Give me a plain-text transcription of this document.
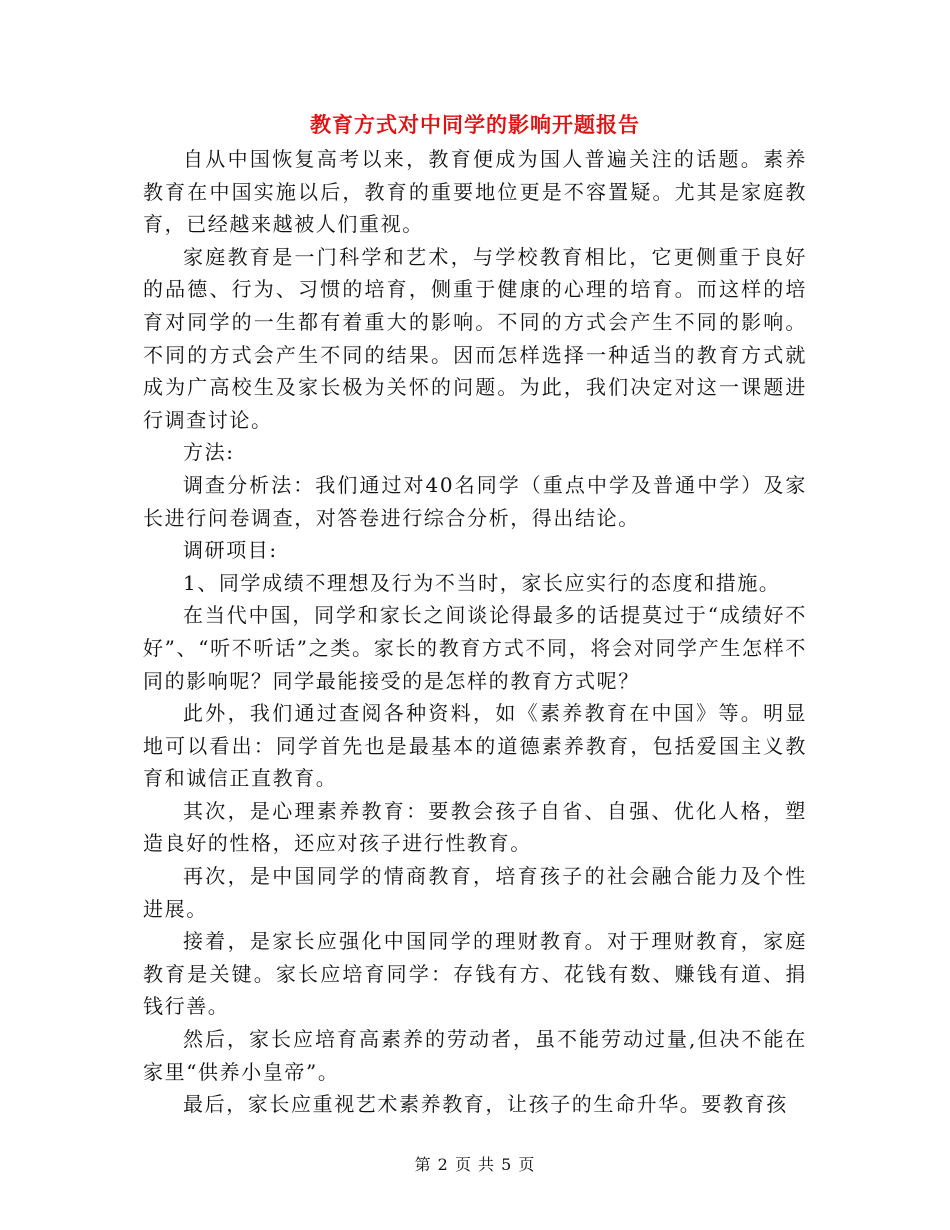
教育方式对中同学的影响开题报告

自从中国恢复高考以来，教育便成为国人普遍关注的话题。素养教育在中国实施以后，教育的重要地位更是不容置疑。尤其是家庭教育，已经越来越被人们重视。

家庭教育是一门科学和艺术，与学校教育相比，它更侧重于良好的品德、行为、习惯的培育，侧重于健康的心理的培育。而这样的培育对同学的一生都有着重大的影响。不同的方式会产生不同的影响。不同的方式会产生不同的结果。因而怎样选择一种适当的教育方式就成为广高校生及家长极为关怀的问题。为此，我们决定对这一课题进行调查讨论。

方法:

调查分析法：我们通过对40名同学（重点中学及普通中学）及家长进行问卷调查，对答卷进行综合分析，得出结论。

调研项目:

1、同学成绩不理想及行为不当时，家长应实行的态度和措施。

在当代中国，同学和家长之间谈论得最多的话提莫过于“成绩好不好”、“听不听话”之类。家长的教育方式不同，将会对同学产生怎样不同的影响呢？同学最能接受的是怎样的教育方式呢？

此外，我们通过查阅各种资料，如《素养教育在中国》等。明显地可以看出：同学首先也是最基本的道德素养教育，包括爱国主义教育和诚信正直教育。

其次，是心理素养教育：要教会孩子自省、自强、优化人格，塑造良好的性格，还应对孩子进行性教育。

再次，是中国同学的情商教育，培育孩子的社会融合能力及个性进展。

接着，是家长应强化中国同学的理财教育。对于理财教育，家庭教育是关键。家长应培育同学：存钱有方、花钱有数、赚钱有道、捐钱行善。

然后，家长应培育高素养的劳动者，虽不能劳动过量,但决不能在家里“供养小皇帝”。

最后，家长应重视艺术素养教育，让孩子的生命升华。要教育孩

第 2 页 共 5 页
